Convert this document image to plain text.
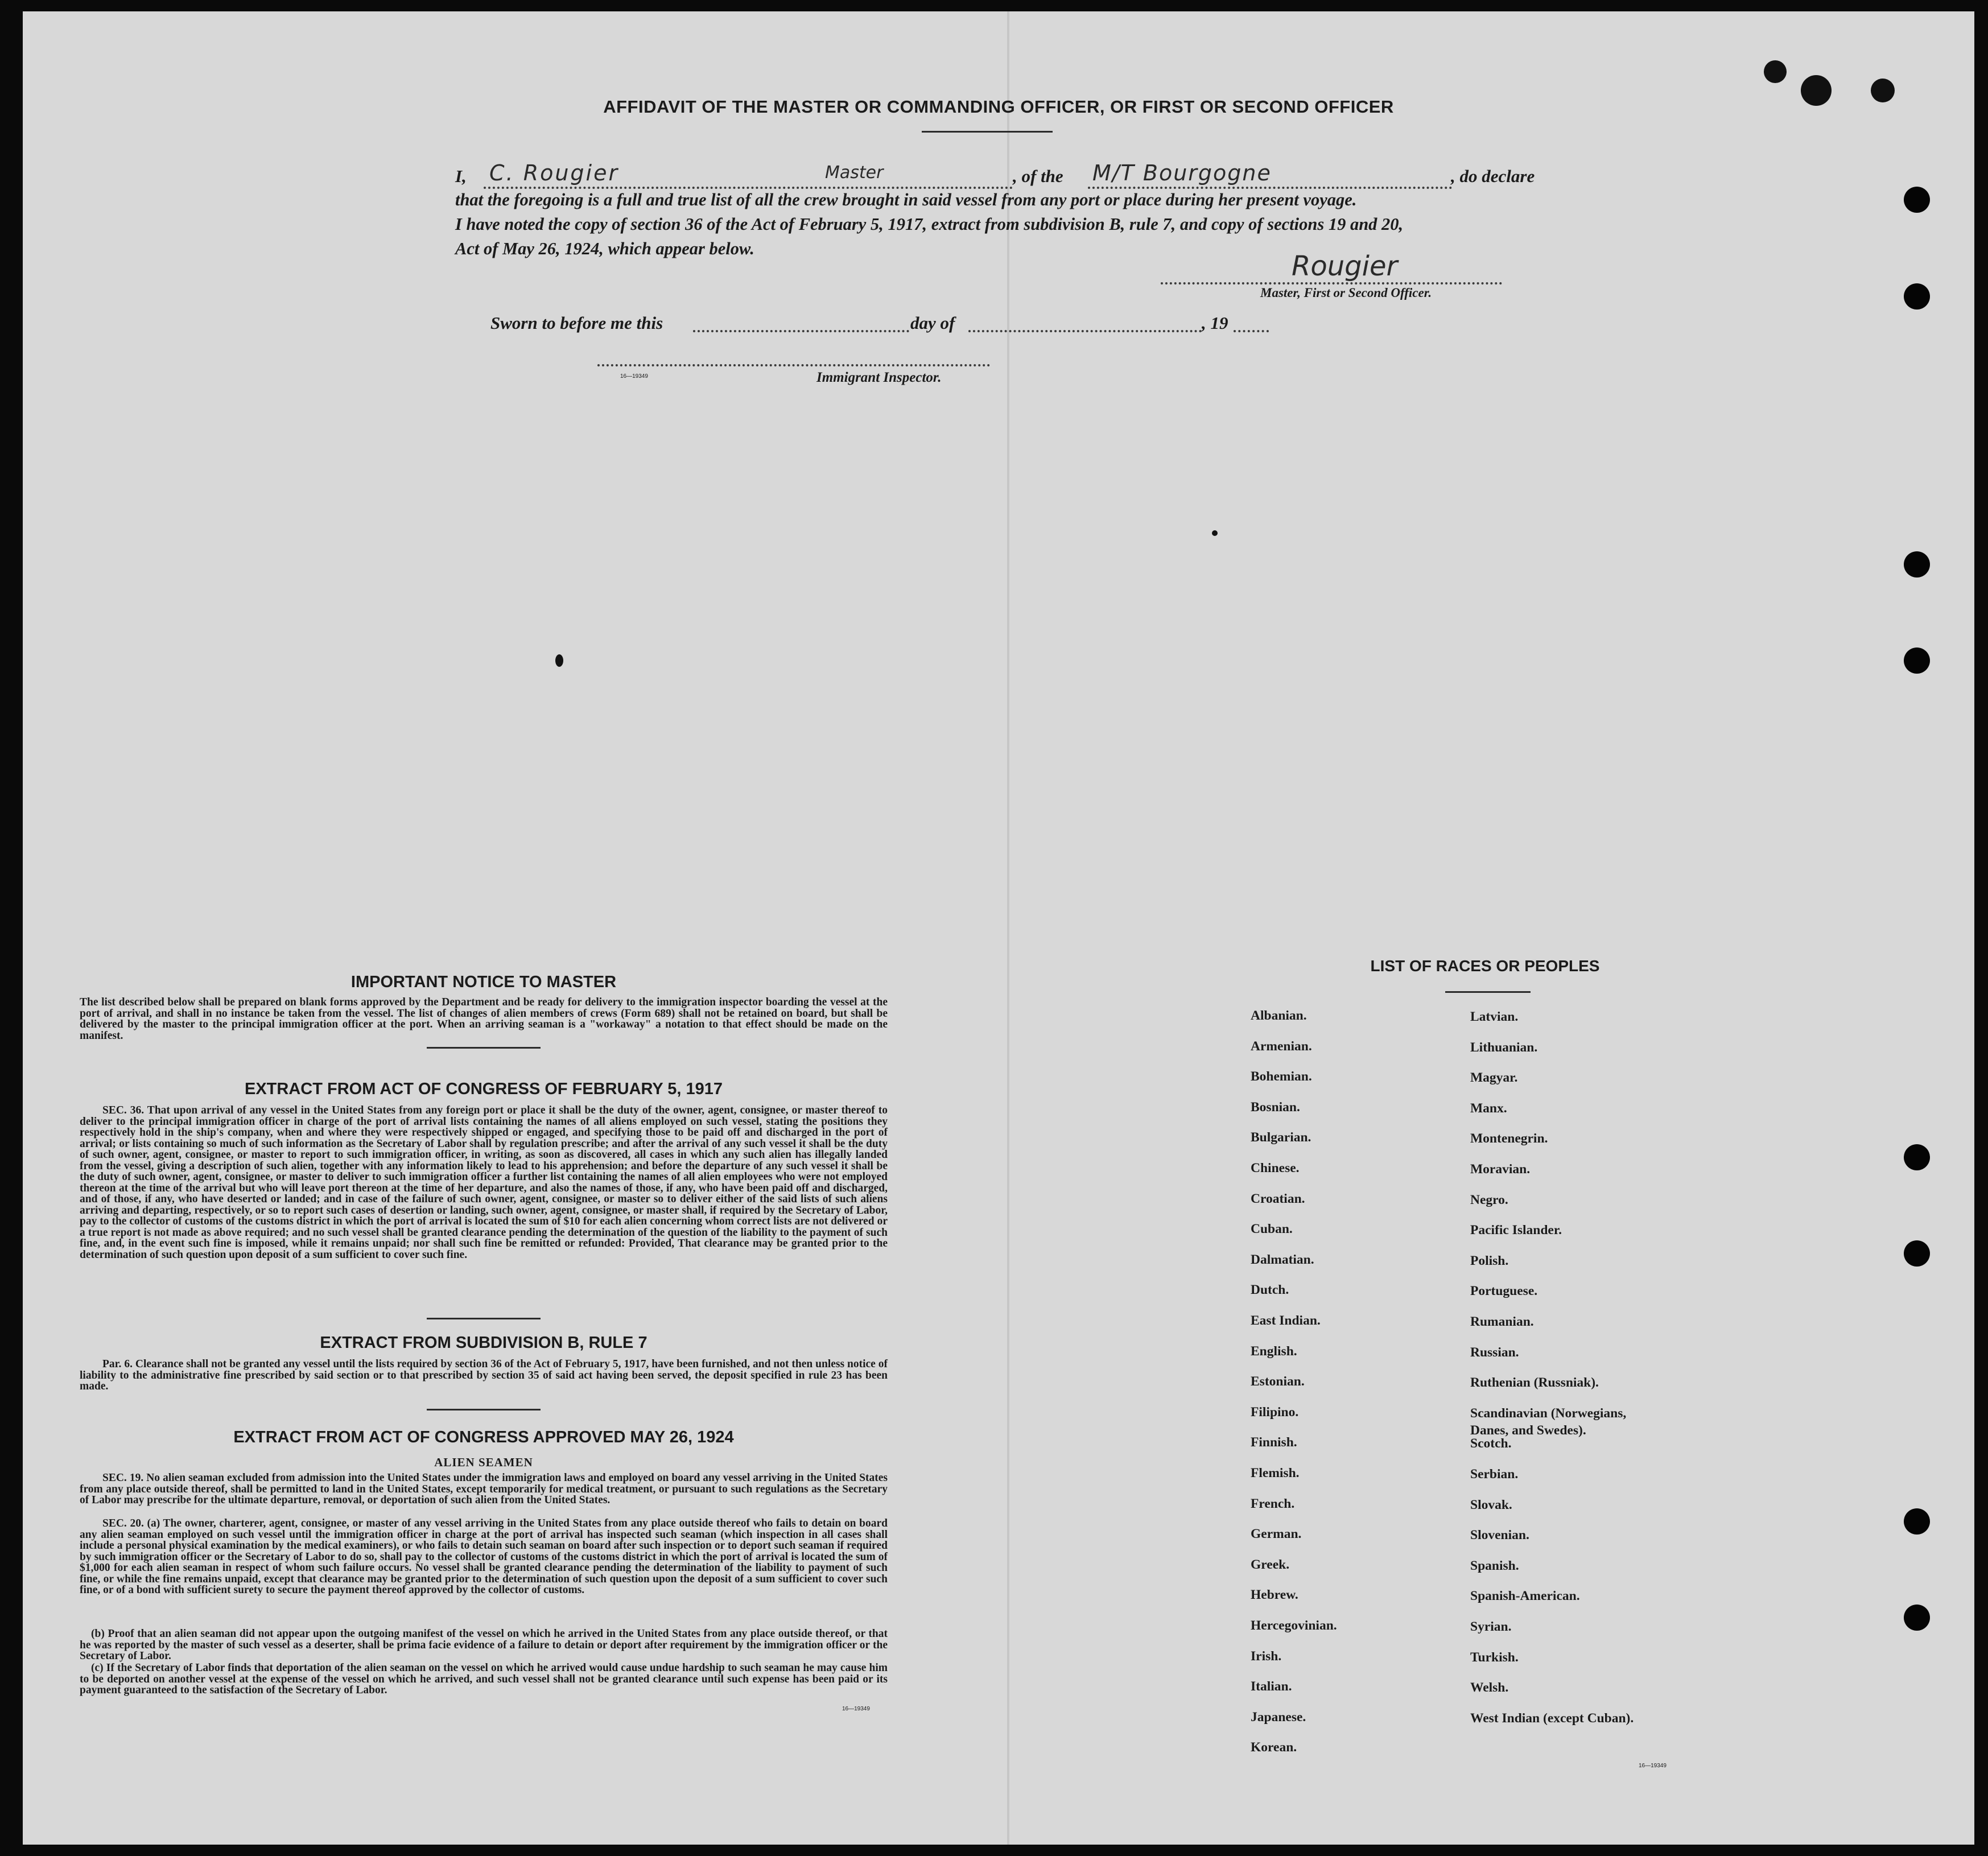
AFFIDAVIT OF THE MASTER OR COMMANDING OFFICER, OR FIRST OR SECOND OFFICER
I, C. Rougier	Master	, of the M/T Bourgogne	, do declare
that the foregoing is a full and true list of all the crew brought in said vessel from any port or place during her present voyage.
I have noted the copy of section 36 of the Act of February 5, 1917, extract from subdivision B, rule 7, and copy of sections 19 and 20,
Act of May 26, 1924, which appear below.
Rougier
Master, First or Second Officer.
Sworn to before me this	day of	, 19
16—19349	Immigrant Inspector.
IMPORTANT NOTICE TO MASTER
The list described below shall be prepared on blank forms approved by the Department and be ready for delivery to the immigration inspector boarding the vessel at the port of arrival, and shall in no instance be taken from the vessel. The list of changes of alien members of crews (Form 689) shall not be retained on board, but shall be delivered by the master to the principal immigration officer at the port. When an arriving seaman is a "workaway" a notation to that effect should be made on the manifest.
EXTRACT FROM ACT OF CONGRESS OF FEBRUARY 5, 1917
SEC. 36. That upon arrival of any vessel in the United States from any foreign port or place it shall be the duty of the owner, agent, consignee, or master thereof to deliver to the principal immigration officer in charge of the port of arrival lists containing the names of all aliens employed on such vessel, stating the positions they respectively hold in the ship's company, when and where they were respectively shipped or engaged, and specifying those to be paid off and discharged in the port of arrival; or lists containing so much of such information as the Secretary of Labor shall by regulation prescribe; and after the arrival of any such vessel it shall be the duty of such owner, agent, consignee, or master to report to such immigration officer, in writing, as soon as discovered, all cases in which any such alien has illegally landed from the vessel, giving a description of such alien, together with any information likely to lead to his apprehension; and before the departure of any such vessel it shall be the duty of such owner, agent, consignee, or master to deliver to such immigration officer a further list containing the names of all alien employees who were not employed thereon at the time of the arrival but who will leave port thereon at the time of her departure, and also the names of those, if any, who have been paid off and discharged, and of those, if any, who have deserted or landed; and in case of the failure of such owner, agent, consignee, or master so to deliver either of the said lists of such aliens arriving and departing, respectively, or so to report such cases of desertion or landing, such owner, agent, consignee, or master shall, if required by the Secretary of Labor, pay to the collector of customs of the customs district in which the port of arrival is located the sum of $10 for each alien concerning whom correct lists are not delivered or a true report is not made as above required; and no such vessel shall be granted clearance pending the determination of the question of the liability to the payment of such fine, and, in the event such fine is imposed, while it remains unpaid; nor shall such fine be remitted or refunded: Provided, That clearance may be granted prior to the determination of such question upon deposit of a sum sufficient to cover such fine.
EXTRACT FROM SUBDIVISION B, RULE 7
Par. 6. Clearance shall not be granted any vessel until the lists required by section 36 of the Act of February 5, 1917, have been furnished, and not then unless notice of liability to the administrative fine prescribed by said section or to that prescribed by section 35 of said act having been served, the deposit specified in rule 23 has been made.
EXTRACT FROM ACT OF CONGRESS APPROVED MAY 26, 1924
ALIEN SEAMEN
SEC. 19. No alien seaman excluded from admission into the United States under the immigration laws and employed on board any vessel arriving in the United States from any place outside thereof, shall be permitted to land in the United States, except temporarily for medical treatment, or pursuant to such regulations as the Secretary of Labor may prescribe for the ultimate departure, removal, or deportation of such alien from the United States.
SEC. 20. (a) The owner, charterer, agent, consignee, or master of any vessel arriving in the United States from any place outside thereof who fails to detain on board any alien seaman employed on such vessel until the immigration officer in charge at the port of arrival has inspected such seaman (which inspection in all cases shall include a personal physical examination by the medical examiners), or who fails to detain such seaman on board after such inspection or to deport such seaman if required by such immigration officer or the Secretary of Labor to do so, shall pay to the collector of customs of the customs district in which the port of arrival is located the sum of $1,000 for each alien seaman in respect of whom such failure occurs. No vessel shall be granted clearance pending the determination of the liability to payment of such fine, or while the fine remains unpaid, except that clearance may be granted prior to the determination of such question upon the deposit of a sum sufficient to cover such fine, or of a bond with sufficient surety to secure the payment thereof approved by the collector of customs.
(b) Proof that an alien seaman did not appear upon the outgoing manifest of the vessel on which he arrived in the United States from any place outside thereof, or that he was reported by the master of such vessel as a deserter, shall be prima facie evidence of a failure to detain or deport after requirement by the immigration officer or the Secretary of Labor.
(c) If the Secretary of Labor finds that deportation of the alien seaman on the vessel on which he arrived would cause undue hardship to such seaman he may cause him to be deported on another vessel at the expense of the vessel on which he arrived, and such vessel shall not be granted clearance until such expense has been paid or its payment guaranteed to the satisfaction of the Secretary of Labor.
16—19349
LIST OF RACES OR PEOPLES
16—19349
Albanian.
Armenian.
Bohemian.
Bosnian.
Bulgarian.
Chinese.
Croatian.
Cuban.
Dalmatian.
Dutch.
East Indian.
English.
Estonian.
Filipino.
Finnish.
Flemish.
French.
German.
Greek.
Hebrew.
Hercegovinian.
Irish.
Italian.
Japanese.
Korean.
Latvian.
Lithuanian.
Magyar.
Manx.
Montenegrin.
Moravian.
Negro.
Pacific Islander.
Polish.
Portuguese.
Rumanian.
Russian.
Ruthenian (Russniak).
Scandinavian (Norwegians,
Danes, and Swedes).
Scotch.
Serbian.
Slovak.
Slovenian.
Spanish.
Spanish-American.
Syrian.
Turkish.
Welsh.
West Indian (except Cuban).
